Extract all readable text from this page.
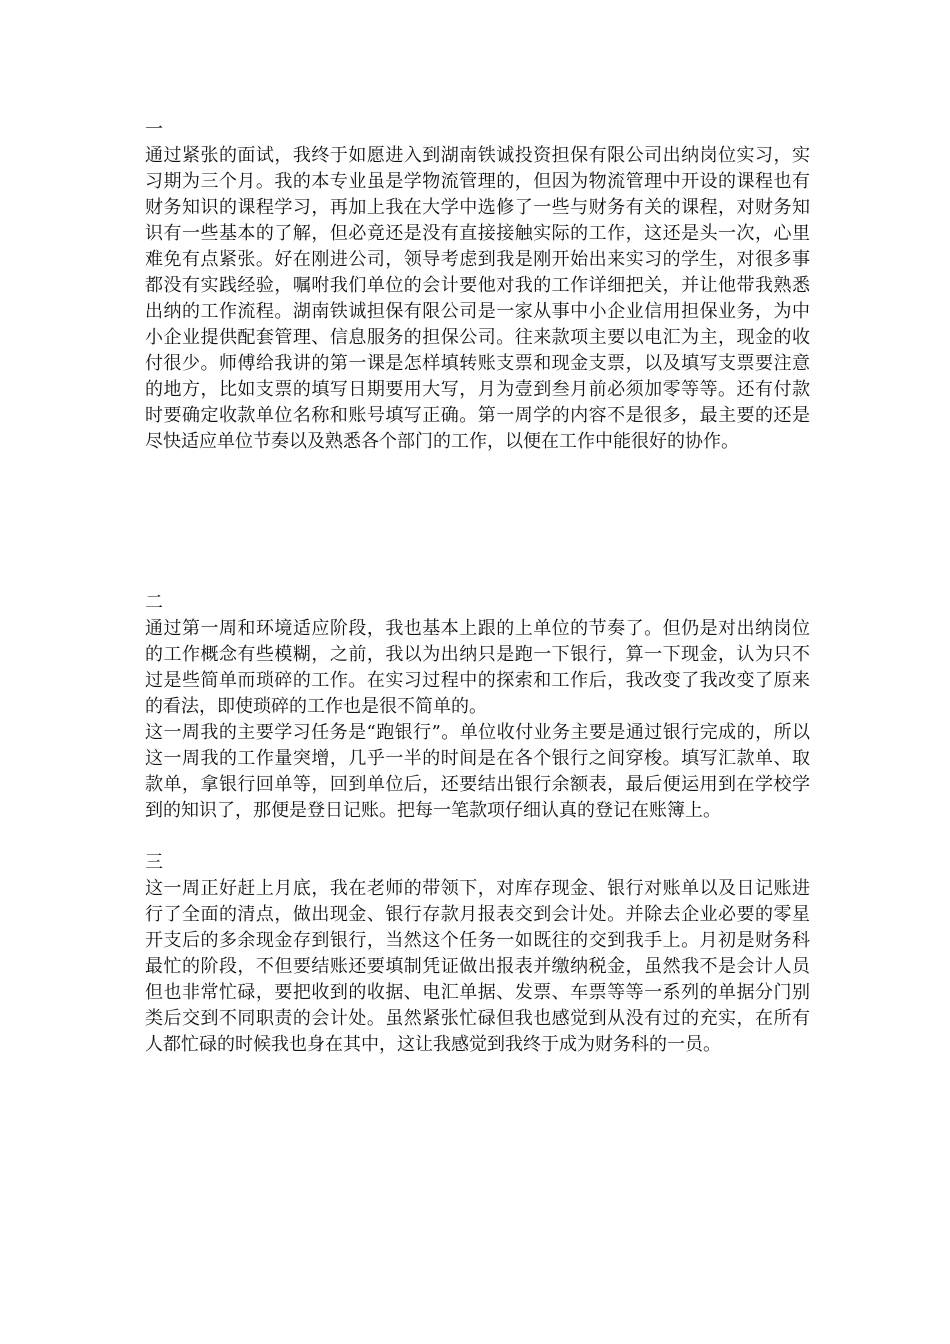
一

通过紧张的面试，我终于如愿进入到湖南铁诚投资担保有限公司出纳岗位实习，实习期为三个月。我的本专业虽是学物流管理的，但因为物流管理中开设的课程也有财务知识的课程学习，再加上我在大学中选修了一些与财务有关的课程，对财务知识有一些基本的了解，但必竟还是没有直接接触实际的工作，这还是头一次，心里难免有点紧张。好在刚进公司，领导考虑到我是刚开始出来实习的学生，对很多事都没有实践经验，嘱咐我们单位的会计要他对我的工作详细把关，并让他带我熟悉出纳的工作流程。湖南铁诚担保有限公司是一家从事中小企业信用担保业务，为中小企业提供配套管理、信息服务的担保公司。往来款项主要以电汇为主，现金的收付很少。师傅给我讲的第一课是怎样填转账支票和现金支票，以及填写支票要注意的地方，比如支票的填写日期要用大写，月为壹到叁月前必须加零等等。还有付款时要确定收款单位名称和账号填写正确。第一周学的内容不是很多，最主要的还是尽快适应单位节奏以及熟悉各个部门的工作，以便在工作中能很好的协作。

二

通过第一周和环境适应阶段，我也基本上跟的上单位的节奏了。但仍是对出纳岗位的工作概念有些模糊，之前，我以为出纳只是跑一下银行，算一下现金，认为只不过是些简单而琐碎的工作。在实习过程中的探索和工作后，我改变了我改变了原来的看法，即使琐碎的工作也是很不简单的。

这一周我的主要学习任务是“跑银行”。单位收付业务主要是通过银行完成的，所以这一周我的工作量突增，几乎一半的时间是在各个银行之间穿梭。填写汇款单、取款单，拿银行回单等，回到单位后，还要结出银行余额表，最后便运用到在学校学到的知识了，那便是登日记账。把每一笔款项仔细认真的登记在账簿上。

三

这一周正好赶上月底，我在老师的带领下，对库存现金、银行对账单以及日记账进行了全面的清点，做出现金、银行存款月报表交到会计处。并除去企业必要的零星开支后的多余现金存到银行，当然这个任务一如既往的交到我手上。月初是财务科最忙的阶段，不但要结账还要填制凭证做出报表并缴纳税金，虽然我不是会计人员但也非常忙碌，要把收到的收据、电汇单据、发票、车票等等一系列的单据分门别类后交到不同职责的会计处。虽然紧张忙碌但我也感觉到从没有过的充实，在所有人都忙碌的时候我也身在其中，这让我感觉到我终于成为财务科的一员。
